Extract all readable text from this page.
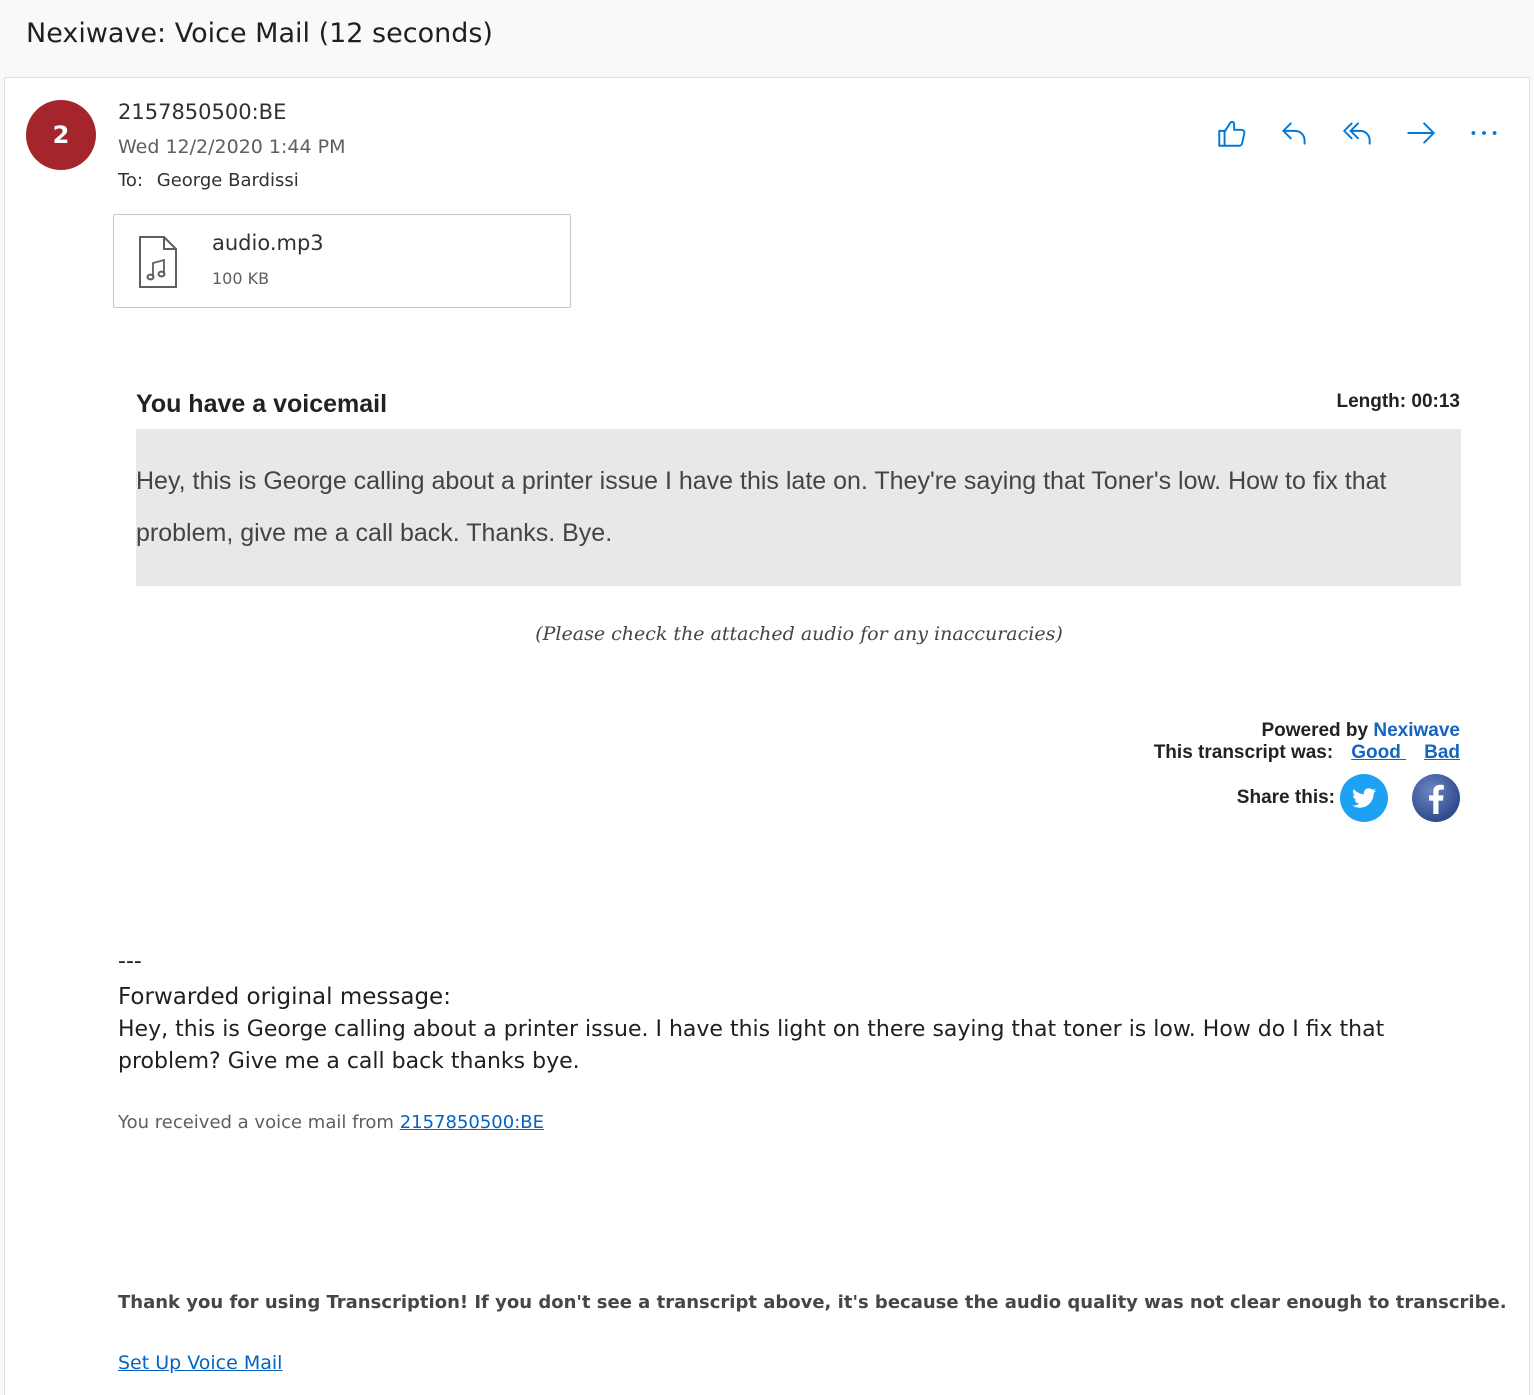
Nexiwave: Voice Mail (12 seconds)
2
2157850500:BE
Wed 12/2/2020 1:44 PM
To: George Bardissi
audio.mp3
100 KB
You have a voicemail	Length: 00:13

Hey, this is George calling about a printer issue I have this late on. They're saying that Toner's low. How to fix that problem, give me a call back. Thanks. Bye.

(Please check the attached audio for any inaccuracies)
Powered by Nexiwave
This transcript was: Good Bad
Share this:
---
Forwarded original message:
Hey, this is George calling about a printer issue. I have this light on there saying that toner is low. How do I fix that problem? Give me a call back thanks bye.
You received a voice mail from 2157850500:BE
Thank you for using Transcription! If you don't see a transcript above, it's because the audio quality was not clear enough to transcribe.
Set Up Voice Mail
